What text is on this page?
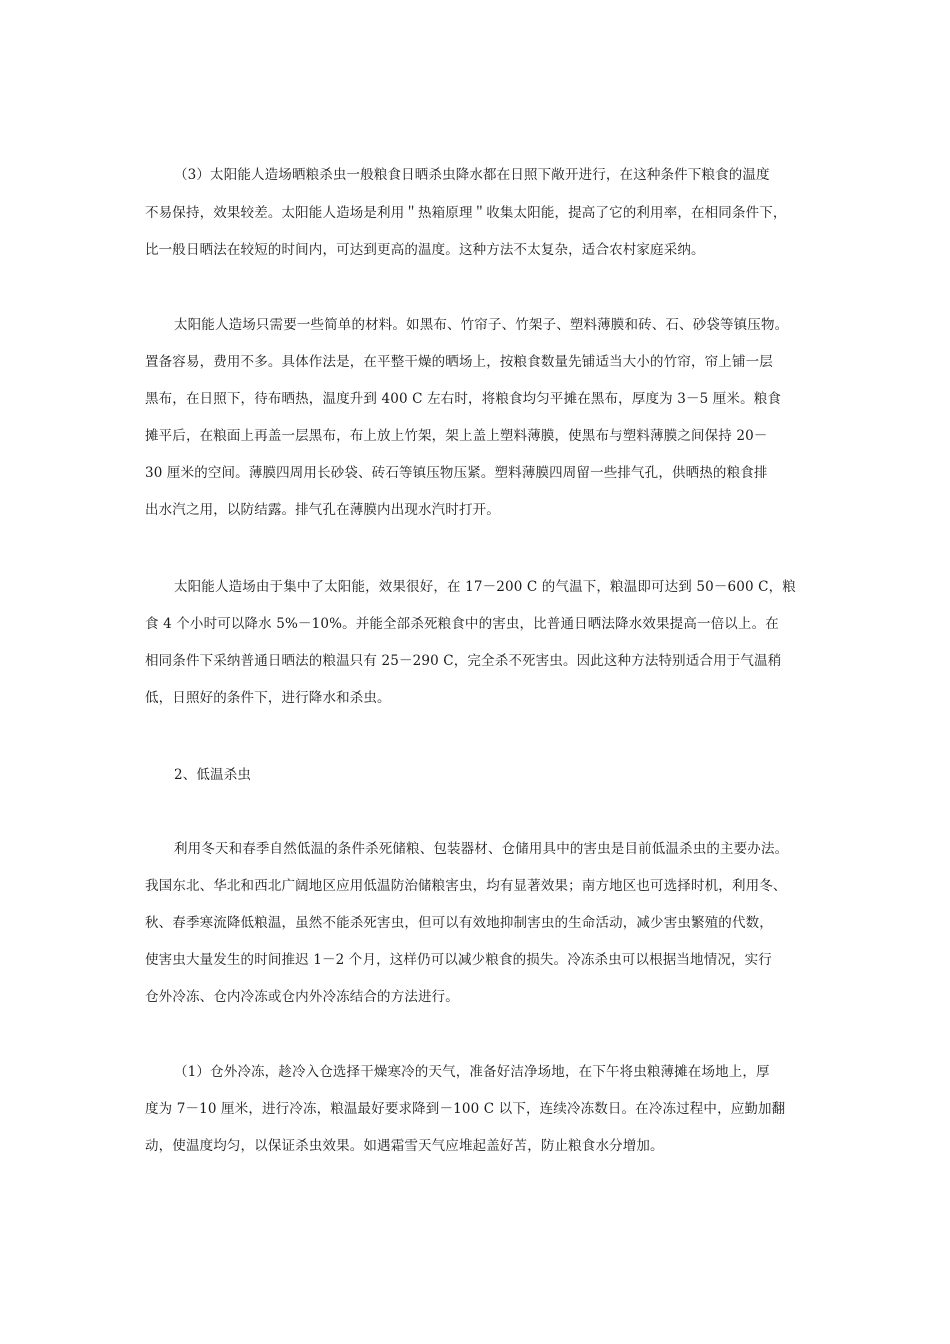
（3）太阳能人造场晒粮杀虫一般粮食日晒杀虫降水都在日照下敞开进行，在这种条件下粮食的温度
不易保持，效果较差。太阳能人造场是利用＂热箱原理＂收集太阳能，提高了它的利用率，在相同条件下，
比一般日晒法在较短的时间内，可达到更高的温度。这种方法不太复杂，适合农村家庭采纳。
太阳能人造场只需要一些简单的材料。如黑布、竹帘子、竹架子、塑料薄膜和砖、石、砂袋等镇压物。
置备容易，费用不多。具体作法是，在平整干燥的晒场上，按粮食数量先铺适当大小的竹帘，帘上铺一层
黑布，在日照下，待布晒热，温度升到 400 C 左右时，将粮食均匀平摊在黑布，厚度为 3－5 厘米。粮食
摊平后，在粮面上再盖一层黑布，布上放上竹架，架上盖上塑料薄膜，使黑布与塑料薄膜之间保持 20－
30 厘米的空间。薄膜四周用长砂袋、砖石等镇压物压紧。塑料薄膜四周留一些排气孔，供晒热的粮食排
出水汽之用，以防结露。排气孔在薄膜内出现水汽时打开。
太阳能人造场由于集中了太阳能，效果很好，在 17－200 C 的气温下，粮温即可达到 50－600 C，粮
食 4 个小时可以降水 5%－10%。并能全部杀死粮食中的害虫，比普通日晒法降水效果提高一倍以上。在
相同条件下采纳普通日晒法的粮温只有 25－290 C，完全杀不死害虫。因此这种方法特别适合用于气温稍
低，日照好的条件下，进行降水和杀虫。
2、低温杀虫
利用冬天和春季自然低温的条件杀死储粮、包装器材、仓储用具中的害虫是目前低温杀虫的主要办法。
我国东北、华北和西北广阔地区应用低温防治储粮害虫，均有显著效果；南方地区也可选择时机，利用冬、
秋、春季寒流降低粮温，虽然不能杀死害虫，但可以有效地抑制害虫的生命活动，减少害虫繁殖的代数，
使害虫大量发生的时间推迟 1－2 个月，这样仍可以减少粮食的损失。冷冻杀虫可以根据当地情况，实行
仓外冷冻、仓内冷冻或仓内外冷冻结合的方法进行。
（1）仓外冷冻，趁冷入仓选择干燥寒冷的天气，准备好洁净场地，在下午将虫粮薄摊在场地上，厚
度为 7－10 厘米，进行冷冻，粮温最好要求降到－100 C 以下，连续冷冻数日。在冷冻过程中，应勤加翻
动，使温度均匀，以保证杀虫效果。如遇霜雪天气应堆起盖好苫，防止粮食水分增加。
